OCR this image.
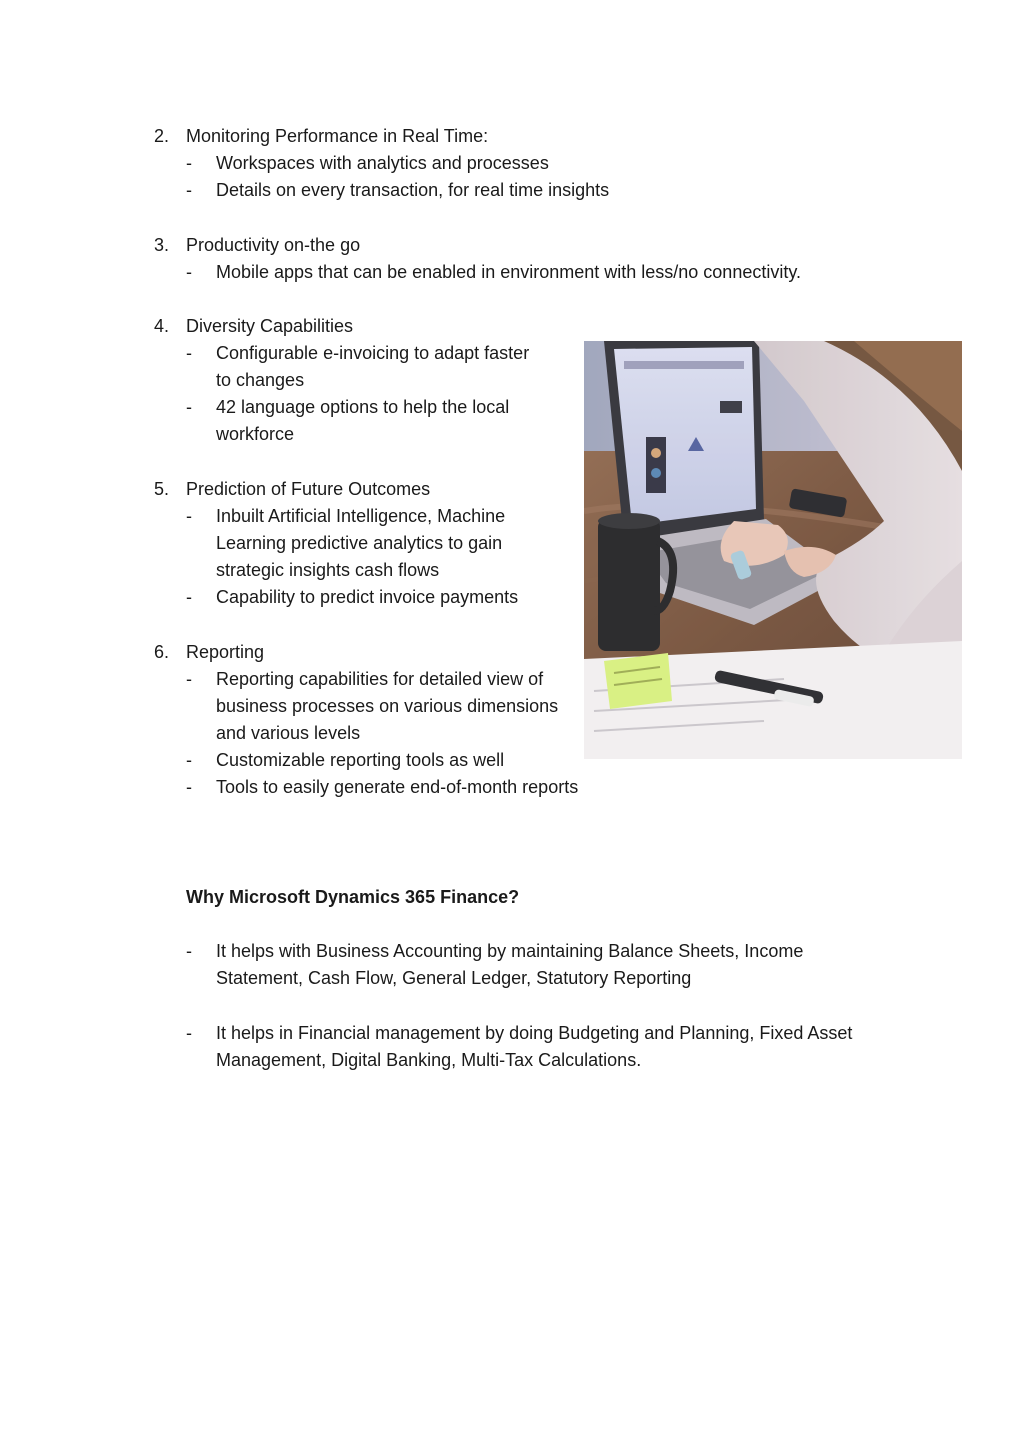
2. Monitoring Performance in Real Time:
- Workspaces with analytics and processes
- Details on every transaction, for real time insights
3. Productivity on-the go
- Mobile apps that can be enabled in environment with less/no connectivity.
4. Diversity Capabilities
- Configurable e-invoicing to adapt faster
to changes
- 42 language options to help the local
workforce
5. Prediction of Future Outcomes
- Inbuilt Artificial Intelligence, Machine
Learning predictive analytics to gain
strategic insights cash flows
- Capability to predict invoice payments
6. Reporting
- Reporting capabilities for detailed view of
business processes on various dimensions
and various levels
- Customizable reporting tools as well
- Tools to easily generate end-of-month reports
Why Microsoft Dynamics 365 Finance?
- It helps with Business Accounting by maintaining Balance Sheets, Income
Statement, Cash Flow, General Ledger, Statutory Reporting
- It helps in Financial management by doing Budgeting and Planning, Fixed Asset
Management, Digital Banking, Multi-Tax Calculations.
